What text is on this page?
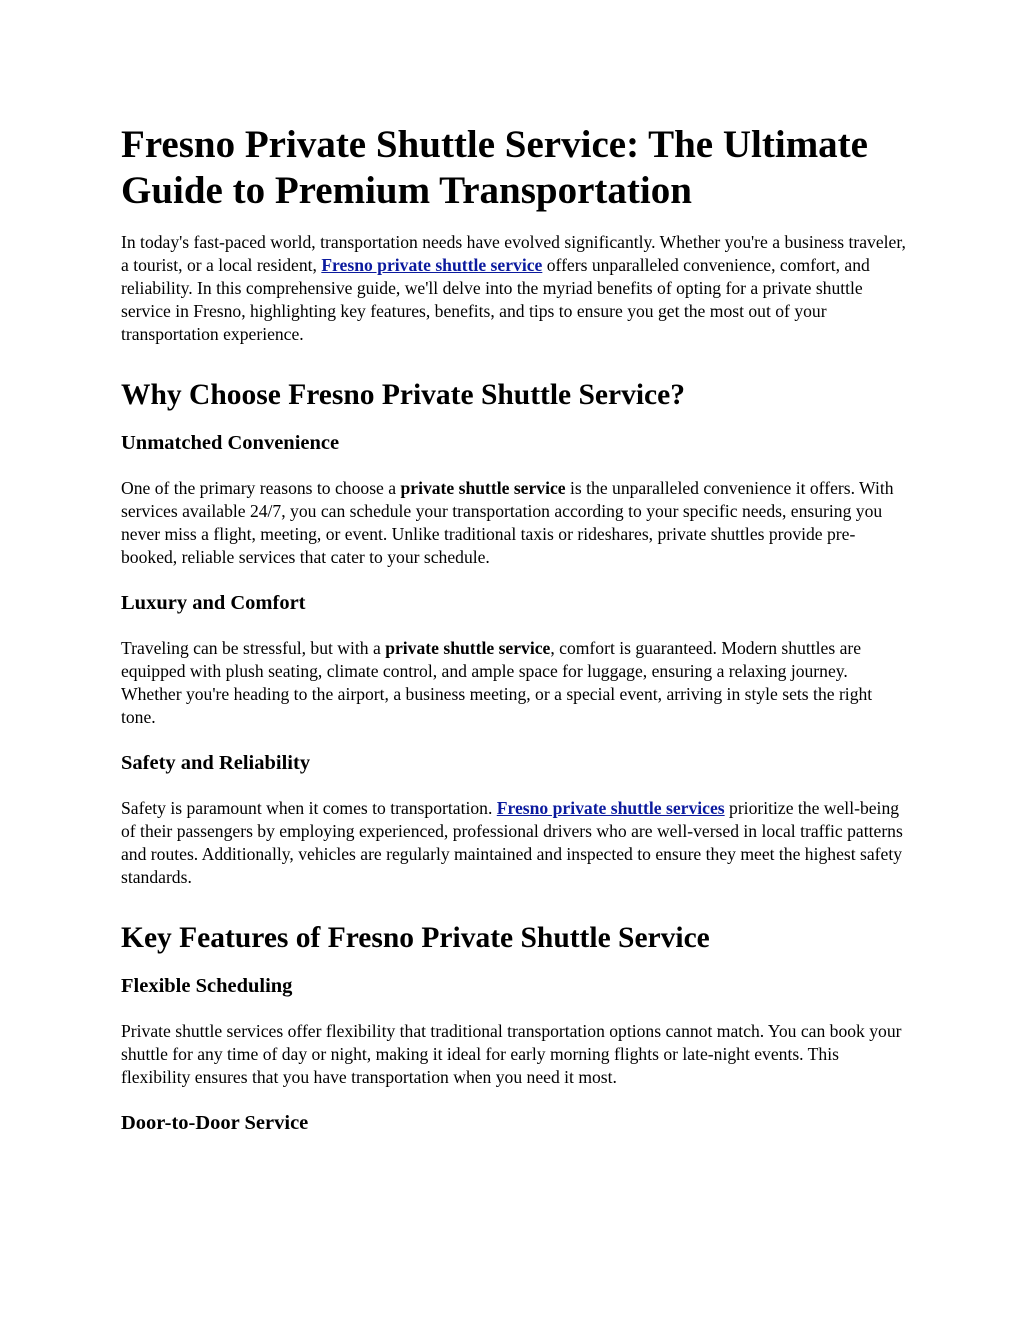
Fresno Private Shuttle Service: The Ultimate Guide to Premium Transportation

In today's fast-paced world, transportation needs have evolved significantly. Whether you're a business traveler, a tourist, or a local resident, Fresno private shuttle service offers unparalleled convenience, comfort, and reliability. In this comprehensive guide, we'll delve into the myriad benefits of opting for a private shuttle service in Fresno, highlighting key features, benefits, and tips to ensure you get the most out of your transportation experience.

Why Choose Fresno Private Shuttle Service?
Unmatched Convenience

One of the primary reasons to choose a private shuttle service is the unparalleled convenience it offers. With services available 24/7, you can schedule your transportation according to your specific needs, ensuring you never miss a flight, meeting, or event. Unlike traditional taxis or rideshares, private shuttles provide pre-booked, reliable services that cater to your schedule.

Luxury and Comfort

Traveling can be stressful, but with a private shuttle service, comfort is guaranteed. Modern shuttles are equipped with plush seating, climate control, and ample space for luggage, ensuring a relaxing journey. Whether you're heading to the airport, a business meeting, or a special event, arriving in style sets the right tone.

Safety and Reliability

Safety is paramount when it comes to transportation. Fresno private shuttle services prioritize the well-being of their passengers by employing experienced, professional drivers who are well-versed in local traffic patterns and routes. Additionally, vehicles are regularly maintained and inspected to ensure they meet the highest safety standards.

Key Features of Fresno Private Shuttle Service
Flexible Scheduling

Private shuttle services offer flexibility that traditional transportation options cannot match. You can book your shuttle for any time of day or night, making it ideal for early morning flights or late-night events. This flexibility ensures that you have transportation when you need it most.

Door-to-Door Service
